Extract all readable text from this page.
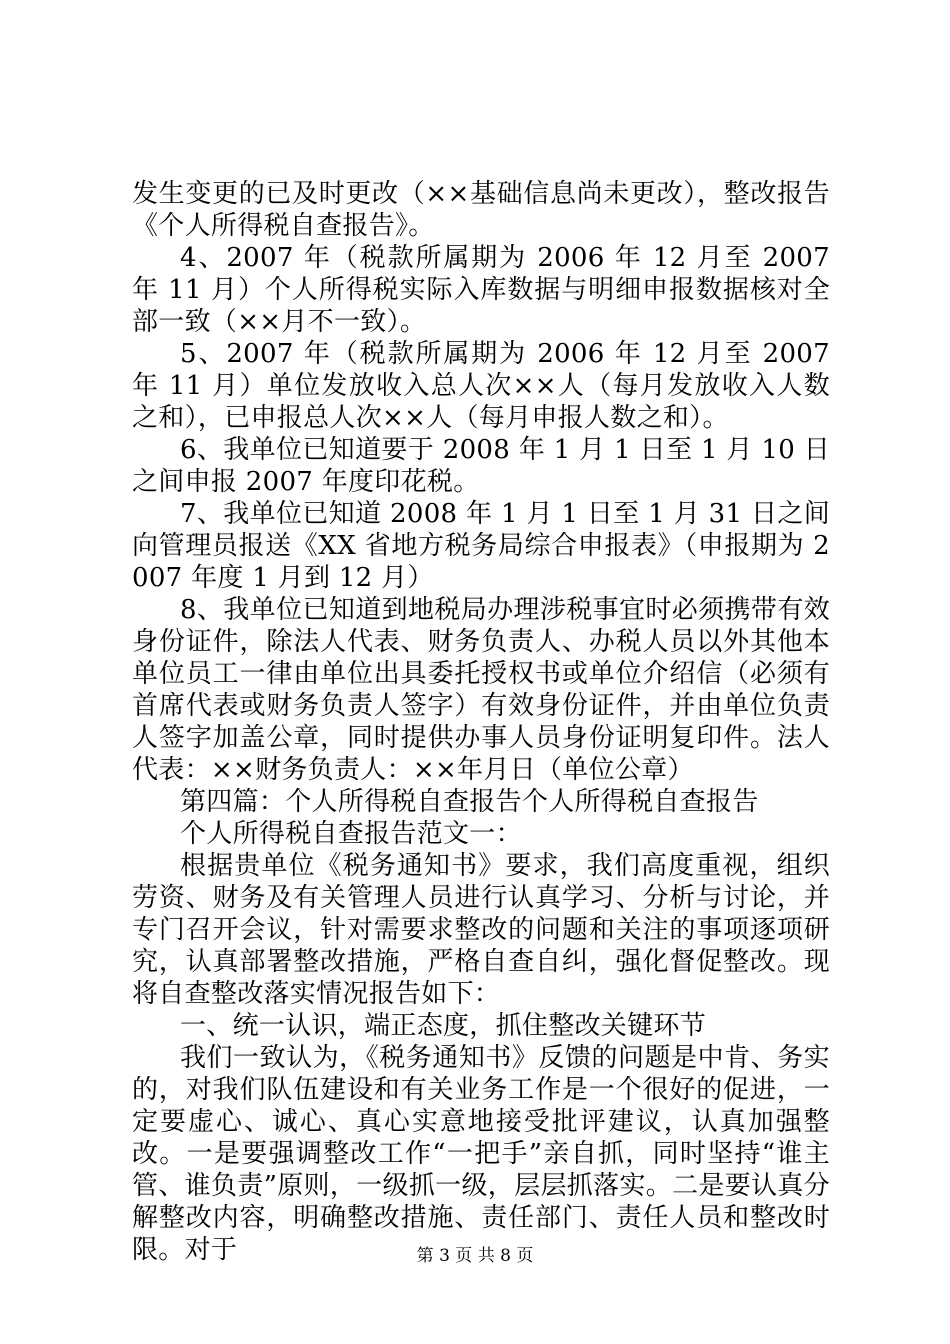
发生变更的已及时更改（××基础信息尚未更改），整改报告《个人所得税自查报告》。

4、2007 年（税款所属期为 2006 年 12 月至 2007 年 11 月）个人所得税实际入库数据与明细申报数据核对全部一致（××月不一致）。

5、2007 年（税款所属期为 2006 年 12 月至 2007 年 11 月）单位发放收入总人次××人（每月发放收入人数之和），已申报总人次××人（每月申报人数之和）。

6、我单位已知道要于 2008 年 1 月 1 日至 1 月 10 日之间申报 2007 年度印花税。

7、我单位已知道 2008 年 1 月 1 日至 1 月 31 日之间向管理员报送《XX 省地方税务局综合申报表》（申报期为 2007 年度 1 月到 12 月）

8、我单位已知道到地税局办理涉税事宜时必须携带有效身份证件，除法人代表、财务负责人、办税人员以外其他本单位员工一律由单位出具委托授权书或单位介绍信（必须有首席代表或财务负责人签字）有效身份证件，并由单位负责人签字加盖公章，同时提供办事人员身份证明复印件。法人代表：××财务负责人：××年月日（单位公章）

第四篇：个人所得税自查报告个人所得税自查报告

个人所得税自查报告范文一：

根据贵单位《税务通知书》要求，我们高度重视，组织劳资、财务及有关管理人员进行认真学习、分析与讨论，并专门召开会议，针对需要求整改的问题和关注的事项逐项研究，认真部署整改措施，严格自查自纠，强化督促整改。现将自查整改落实情况报告如下：

一、统一认识，端正态度，抓住整改关键环节

我们一致认为，《税务通知书》反馈的问题是中肯、务实的，对我们队伍建设和有关业务工作是一个很好的促进，一定要虚心、诚心、真心实意地接受批评建议，认真加强整改。一是要强调整改工作“一把手”亲自抓，同时坚持“谁主管、谁负责”原则，一级抓一级，层层抓落实。二是要认真分解整改内容，明确整改措施、责任部门、责任人员和整改时限。对于	第 3 页 共 8 页
